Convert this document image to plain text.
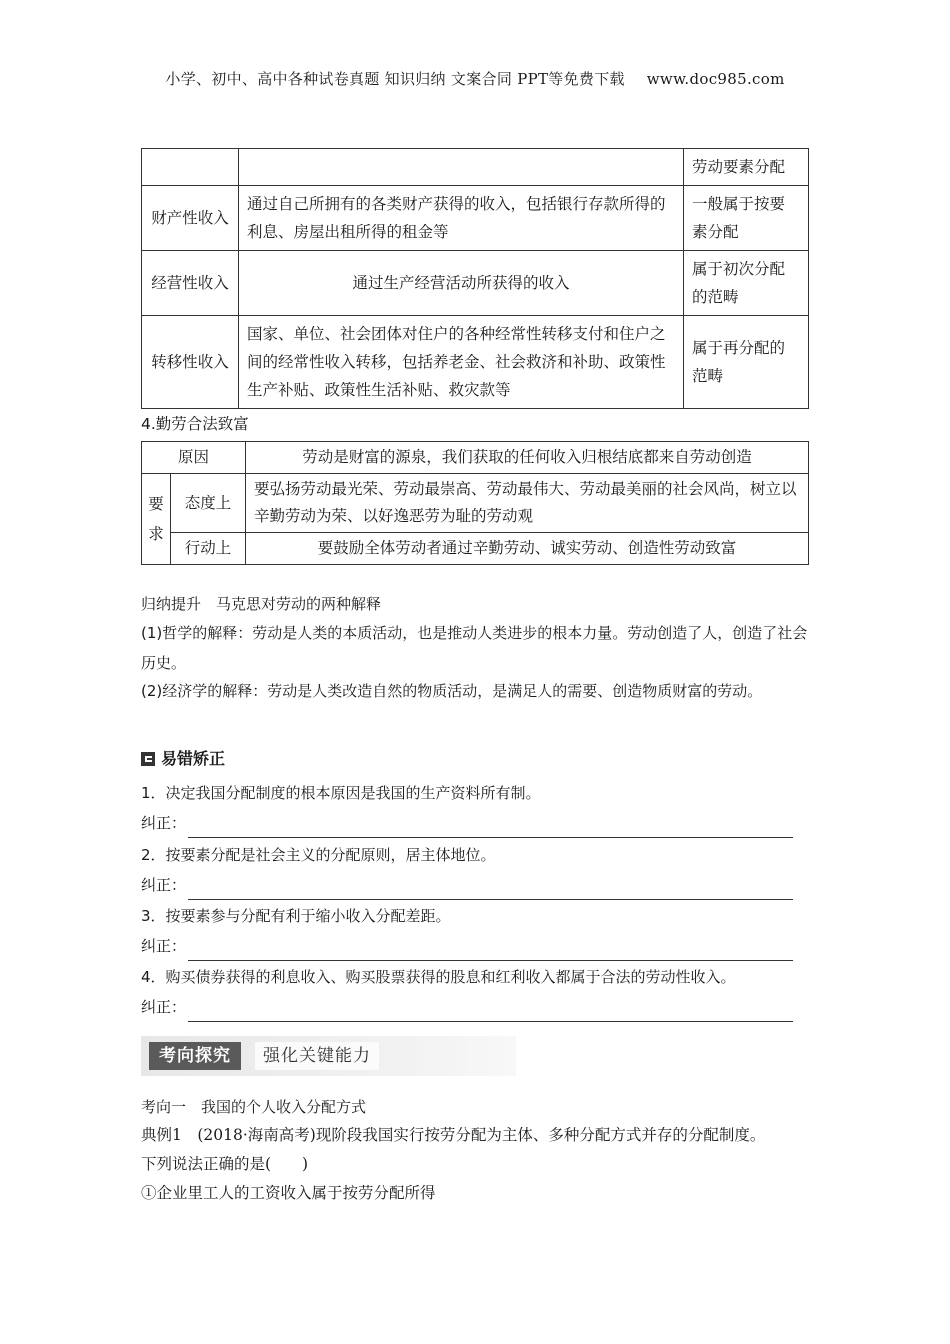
小学、初中、高中各种试卷真题 知识归纳 文案合同 PPT等免费下载 www.doc985.com
		劳动要素分配
财产性收入	通过自己所拥有的各类财产获得的收入，包括银行存款所得的利息、房屋出租所得的租金等	一般属于按要素分配
经营性收入	通过生产经营活动所获得的收入	属于初次分配的范畴
转移性收入	国家、单位、社会团体对住户的各种经常性转移支付和住户之间的经常性收入转移，包括养老金、社会救济和补助、政策性生产补贴、政策性生活补贴、救灾款等	属于再分配的范畴
4.勤劳合法致富
原因		劳动是财富的源泉，我们获取的任何收入归根结底都来自劳动创造
要求	态度上	要弘扬劳动最光荣、劳动最崇高、劳动最伟大、劳动最美丽的社会风尚，树立以辛勤劳动为荣、以好逸恶劳为耻的劳动观
	行动上	要鼓励全体劳动者通过辛勤劳动、诚实劳动、创造性劳动致富
归纳提升　马克思对劳动的两种解释
(1)哲学的解释：劳动是人类的本质活动，也是推动人类进步的根本力量。劳动创造了人，创造了社会历史。
(2)经济学的解释：劳动是人类改造自然的物质活动，是满足人的需要、创造物质财富的劳动。
易错矫正
1．决定我国分配制度的根本原因是我国的生产资料所有制。
纠正：
2．按要素分配是社会主义的分配原则，居主体地位。
纠正：
3．按要素参与分配有利于缩小收入分配差距。
纠正：
4．购买债券获得的利息收入、购买股票获得的股息和红利收入都属于合法的劳动性收入。
纠正：
考向探究	强化关键能力
考向一　我国的个人收入分配方式
典例1　(2018·海南高考)现阶段我国实行按劳分配为主体、多种分配方式并存的分配制度。
下列说法正确的是(　　)
①企业里工人的工资收入属于按劳分配所得
